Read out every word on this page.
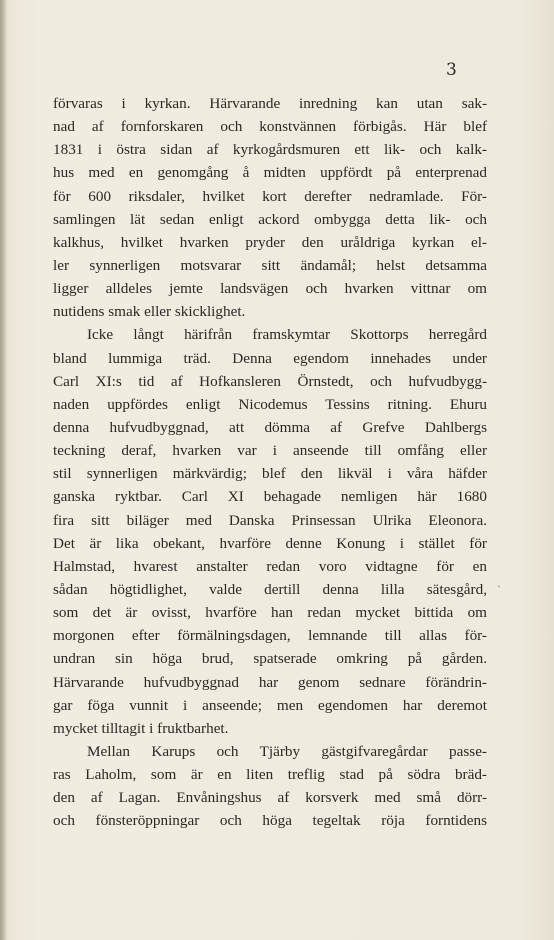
3
förvaras i kyrkan. Härvarande inredning kan utan sak-
nad af fornforskaren och konstvännen förbigås. Här blef
1831 i östra sidan af kyrkogårdsmuren ett lik- och kalk-
hus med en genomgång å midten uppfördt på enterprenad
för 600 riksdaler, hvilket kort derefter nedramlade. För-
samlingen lät sedan enligt ackord ombygga detta lik- och
kalkhus, hvilket hvarken pryder den uråldriga kyrkan el-
ler synnerligen motsvarar sitt ändamål; helst detsamma
ligger alldeles jemte landsvägen och hvarken vittnar om
nutidens smak eller skicklighet.
Icke långt härifrån framskymtar Skottorps herregård
bland lummiga träd. Denna egendom innehades under
Carl XI:s tid af Hofkansleren Örnstedt, och hufvudbygg-
naden uppfördes enligt Nicodemus Tessins ritning. Ehuru
denna hufvudbyggnad, att dömma af Grefve Dahlbergs
teckning deraf, hvarken var i anseende till omfång eller
stil synnerligen märkvärdig; blef den likväl i våra häfder
ganska ryktbar. Carl XI behagade nemligen här 1680
fira sitt biläger med Danska Prinsessan Ulrika Eleonora.
Det är lika obekant, hvarföre denne Konung i stället för
Halmstad, hvarest anstalter redan voro vidtagne för en
sådan högtidlighet, valde dertill denna lilla sätesgård,
som det är ovisst, hvarföre han redan mycket bittida om
morgonen efter förmälningsdagen, lemnande till allas för-
undran sin höga brud, spatserade omkring på gården.
Härvarande hufvudbyggnad har genom sednare förändrin-
gar föga vunnit i anseende; men egendomen har deremot
mycket tilltagit i fruktbarhet.
Mellan Karups och Tjärby gästgifvaregårdar passe-
ras Laholm, som är en liten treflig stad på södra bräd-
den af Lagan. Envåningshus af korsverk med små dörr-
och fönsteröppningar och höga tegeltak röja forntidens
ˎ
